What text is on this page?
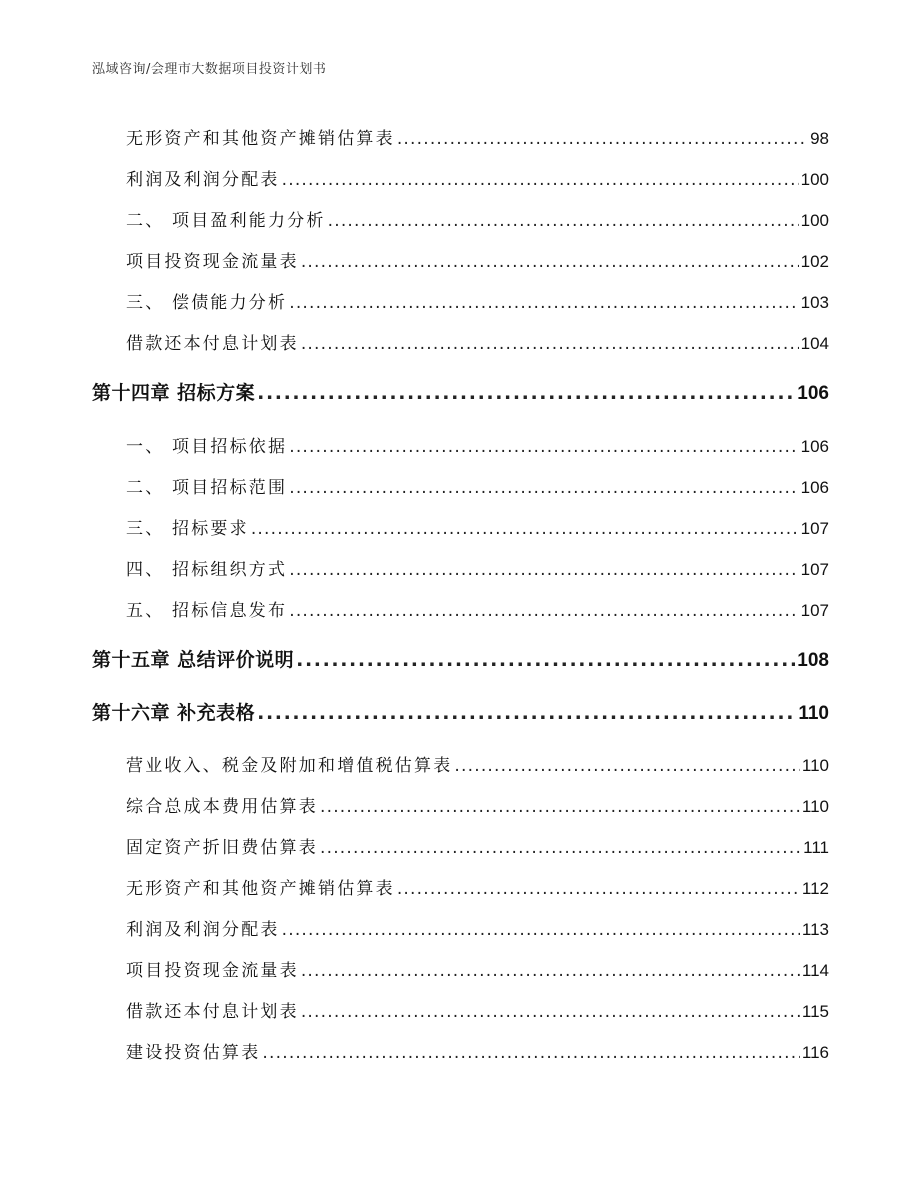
泓域咨询/会理市大数据项目投资计划书
无形资产和其他资产摊销估算表 .....	98
利润及利润分配表 .....	100
二、 项目盈利能力分析 .....	100
项目投资现金流量表 .....	102
三、 偿债能力分析 .....	103
借款还本付息计划表 .....	104
第十四章 招标方案 .....	106
一、 项目招标依据 .....	106
二、 项目招标范围 .....	106
三、 招标要求 .....	107
四、 招标组织方式 .....	107
五、 招标信息发布 .....	107
第十五章 总结评价说明 .....	108
第十六章 补充表格 .....	110
营业收入、税金及附加和增值税估算表 .....	110
综合总成本费用估算表 .....	110
固定资产折旧费估算表 .....	111
无形资产和其他资产摊销估算表 .....	112
利润及利润分配表 .....	113
项目投资现金流量表 .....	114
借款还本付息计划表 .....	115
建设投资估算表 .....	116
